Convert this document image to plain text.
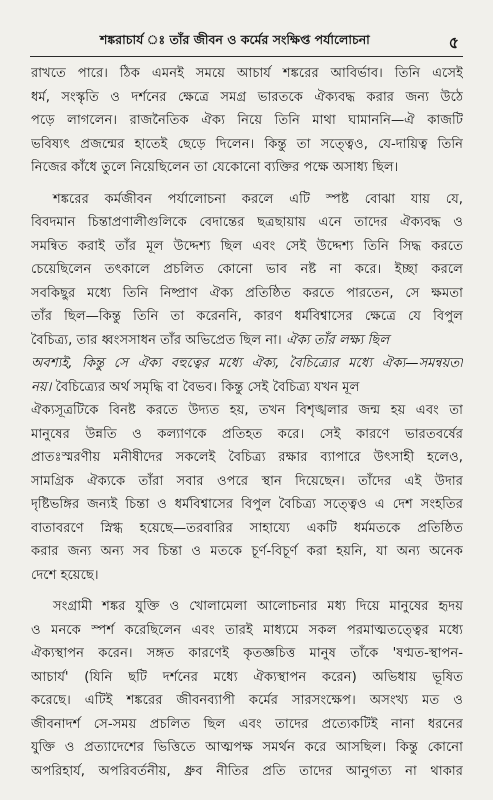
শঙ্করাচার্য ঃ তাঁর জীবন ও কর্মের সংক্ষিপ্ত পর্যালোচনা	৫
রাখতে পারে। ঠিক এমনই সময়ে আচার্য শঙ্করের আবির্ভাব। তিনি এসেই
ধর্ম, সংস্কৃতি ও দর্শনের ক্ষেত্রে সমগ্র ভারতকে ঐক্যবদ্ধ করার জন্য উঠে
পড়ে লাগলেন। রাজনৈতিক ঐক্য নিয়ে তিনি মাথা ঘামাননি—ঐ কাজটি
ভবিষ্যৎ প্রজন্মের হাতেই ছেড়ে দিলেন। কিন্তু তা সত্ত্বেও, যে-দায়িত্ব তিনি
নিজের কাঁধে তুলে নিয়েছিলেন তা যেকোনো ব্যক্তির পক্ষে অসাধ্য ছিল।
শঙ্করের কর্মজীবন পর্যালোচনা করলে এটি স্পষ্ট বোঝা যায় যে,
বিবদমান চিন্তাপ্রণালীগুলিকে বেদান্তের ছত্রছায়ায় এনে তাদের ঐক্যবদ্ধ ও
সমন্বিত করাই তাঁর মূল উদ্দেশ্য ছিল এবং সেই উদ্দেশ্য তিনি সিদ্ধ করতে
চেয়েছিলেন তৎকালে প্রচলিত কোনো ভাব নষ্ট না করে। ইচ্ছা করলে
সবকিছুর মধ্যে তিনি নিষ্প্রাণ ঐক্য প্রতিষ্ঠিত করতে পারতেন, সে ক্ষমতা
তাঁর ছিল—কিন্তু তিনি তা করেননি, কারণ ধর্মবিশ্বাসের ক্ষেত্রে যে বিপুল
বৈচিত্র্য, তার ধ্বংসসাধন তাঁর অভিপ্রেত ছিল না। ঐক্য তাঁর লক্ষ্য ছিল
অবশ্যই, কিন্তু সে ঐক্য বহুত্বের মধ্যে ঐক্য, বৈচিত্র্যের মধ্যে ঐক্য—সমন্বয়তা
নয়। বৈচিত্র্যের অর্থ সমৃদ্ধি বা বৈভব। কিন্তু সেই বৈচিত্র্য যখন মূল
ঐক্যসূত্রটিকে বিনষ্ট করতে উদ্যত হয়, তখন বিশৃঙ্খলার জন্ম হয় এবং তা
মানুষের উন্নতি ও কল্যাণকে প্রতিহত করে। সেই কারণে ভারতবর্ষের
প্রাতঃস্মরণীয় মনীষীদের সকলেই বৈচিত্র্য রক্ষার ব্যাপারে উৎসাহী হলেও,
সামগ্রিক ঐক্যকে তাঁরা সবার ওপরে স্থান দিয়েছেন। তাঁদের এই উদার
দৃষ্টিভঙ্গির জন্যই চিন্তা ও ধর্মবিশ্বাসের বিপুল বৈচিত্র্য সত্ত্বেও এ দেশ সংহতির
বাতাবরণে স্নিগ্ধ হয়েছে—তরবারির সাহায্যে একটি ধর্মমতকে প্রতিষ্ঠিত
করার জন্য অন্য সব চিন্তা ও মতকে চূর্ণ-বিচূর্ণ করা হয়নি, যা অন্য অনেক
দেশে হয়েছে।
সংগ্রামী শঙ্কর যুক্তি ও খোলামেলা আলোচনার মধ্য দিয়ে মানুষের হৃদয়
ও মনকে স্পর্শ করেছিলেন এবং তারই মাধ্যমে সকল পরমাত্মতত্ত্বের মধ্যে
ঐক্যস্থাপন করেন। সঙ্গত কারণেই কৃতজ্ঞচিত্ত মানুষ তাঁকে 'ষণ্মত-স্থাপন-
আচার্য' (যিনি ছটি দর্শনের মধ্যে ঐক্যস্থাপন করেন) অভিধায় ভূষিত
করেছে। এটিই শঙ্করের জীবনব্যাপী কর্মের সারসংক্ষেপ। অসংখ্য মত ও
জীবনাদর্শ সে-সময় প্রচলিত ছিল এবং তাদের প্রত্যেকটিই নানা ধরনের
যুক্তি ও প্রত্যাদেশের ভিত্তিতে আত্মপক্ষ সমর্থন করে আসছিল। কিন্তু কোনো
অপরিহার্য, অপরিবর্তনীয়, ধ্রুব নীতির প্রতি তাদের আনুগত্য না থাকার
